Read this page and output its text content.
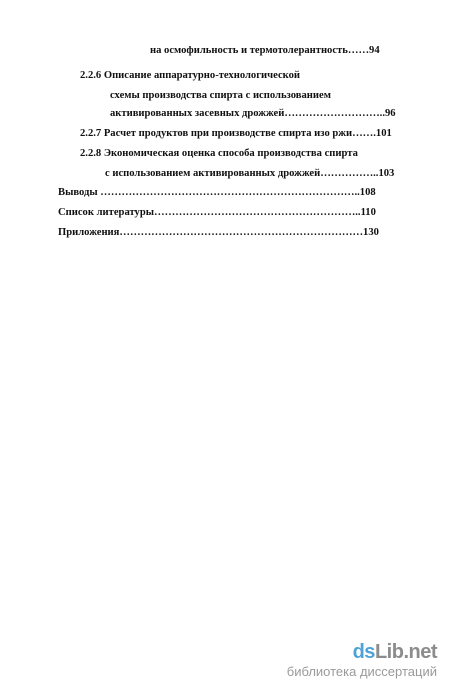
на осмофильность и термотолерантность……94
2.2.6 Описание аппаратурно-технологической
схемы производства спирта с использованием
активированных засевных дрожжей………………………..96
2.2.7 Расчет продуктов при производстве спирта изо ржи…….101
2.2.8 Экономическая оценка способа производства спирта
с использованием активированных дрожжей……………..103
Выводы ………………………………………………………………..108
Список литературы…………………………………………………..110
Приложения……………………………………………………………130
dsLib.net
библиотека диссертаций
